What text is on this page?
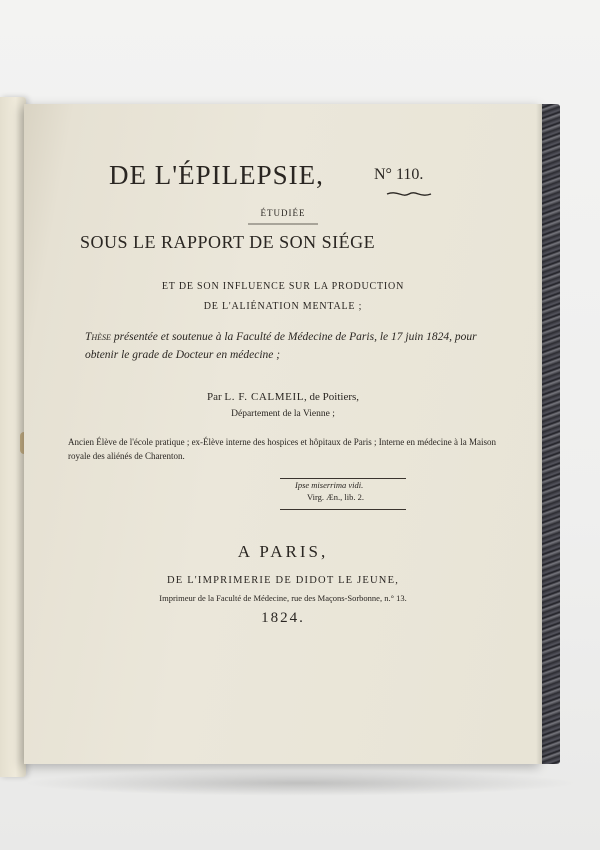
DE L'ÉPILEPSIE,	N° 110.
ÉTUDIÉE
SOUS LE RAPPORT DE SON SIÉGE
ET DE SON INFLUENCE SUR LA PRODUCTION
DE L'ALIÉNATION MENTALE ;
Thèse présentée et soutenue à la Faculté de Médecine de Paris, le 17 juin 1824, pour obtenir le grade de Docteur en médecine ;
Par L. F. CALMEIL, de Poitiers,
Département de la Vienne ;
Ancien Élève de l'école pratique ; ex-Élève interne des hospices et hôpitaux de Paris ; Interne en médecine à la Maison royale des aliénés de Charenton.
Ipse miserrima vidi.
Virg. Æn., lib. 2.
A PARIS,
DE L'IMPRIMERIE DE DIDOT LE JEUNE,
Imprimeur de la Faculté de Médecine, rue des Maçons-Sorbonne, n.° 13.
1824.
